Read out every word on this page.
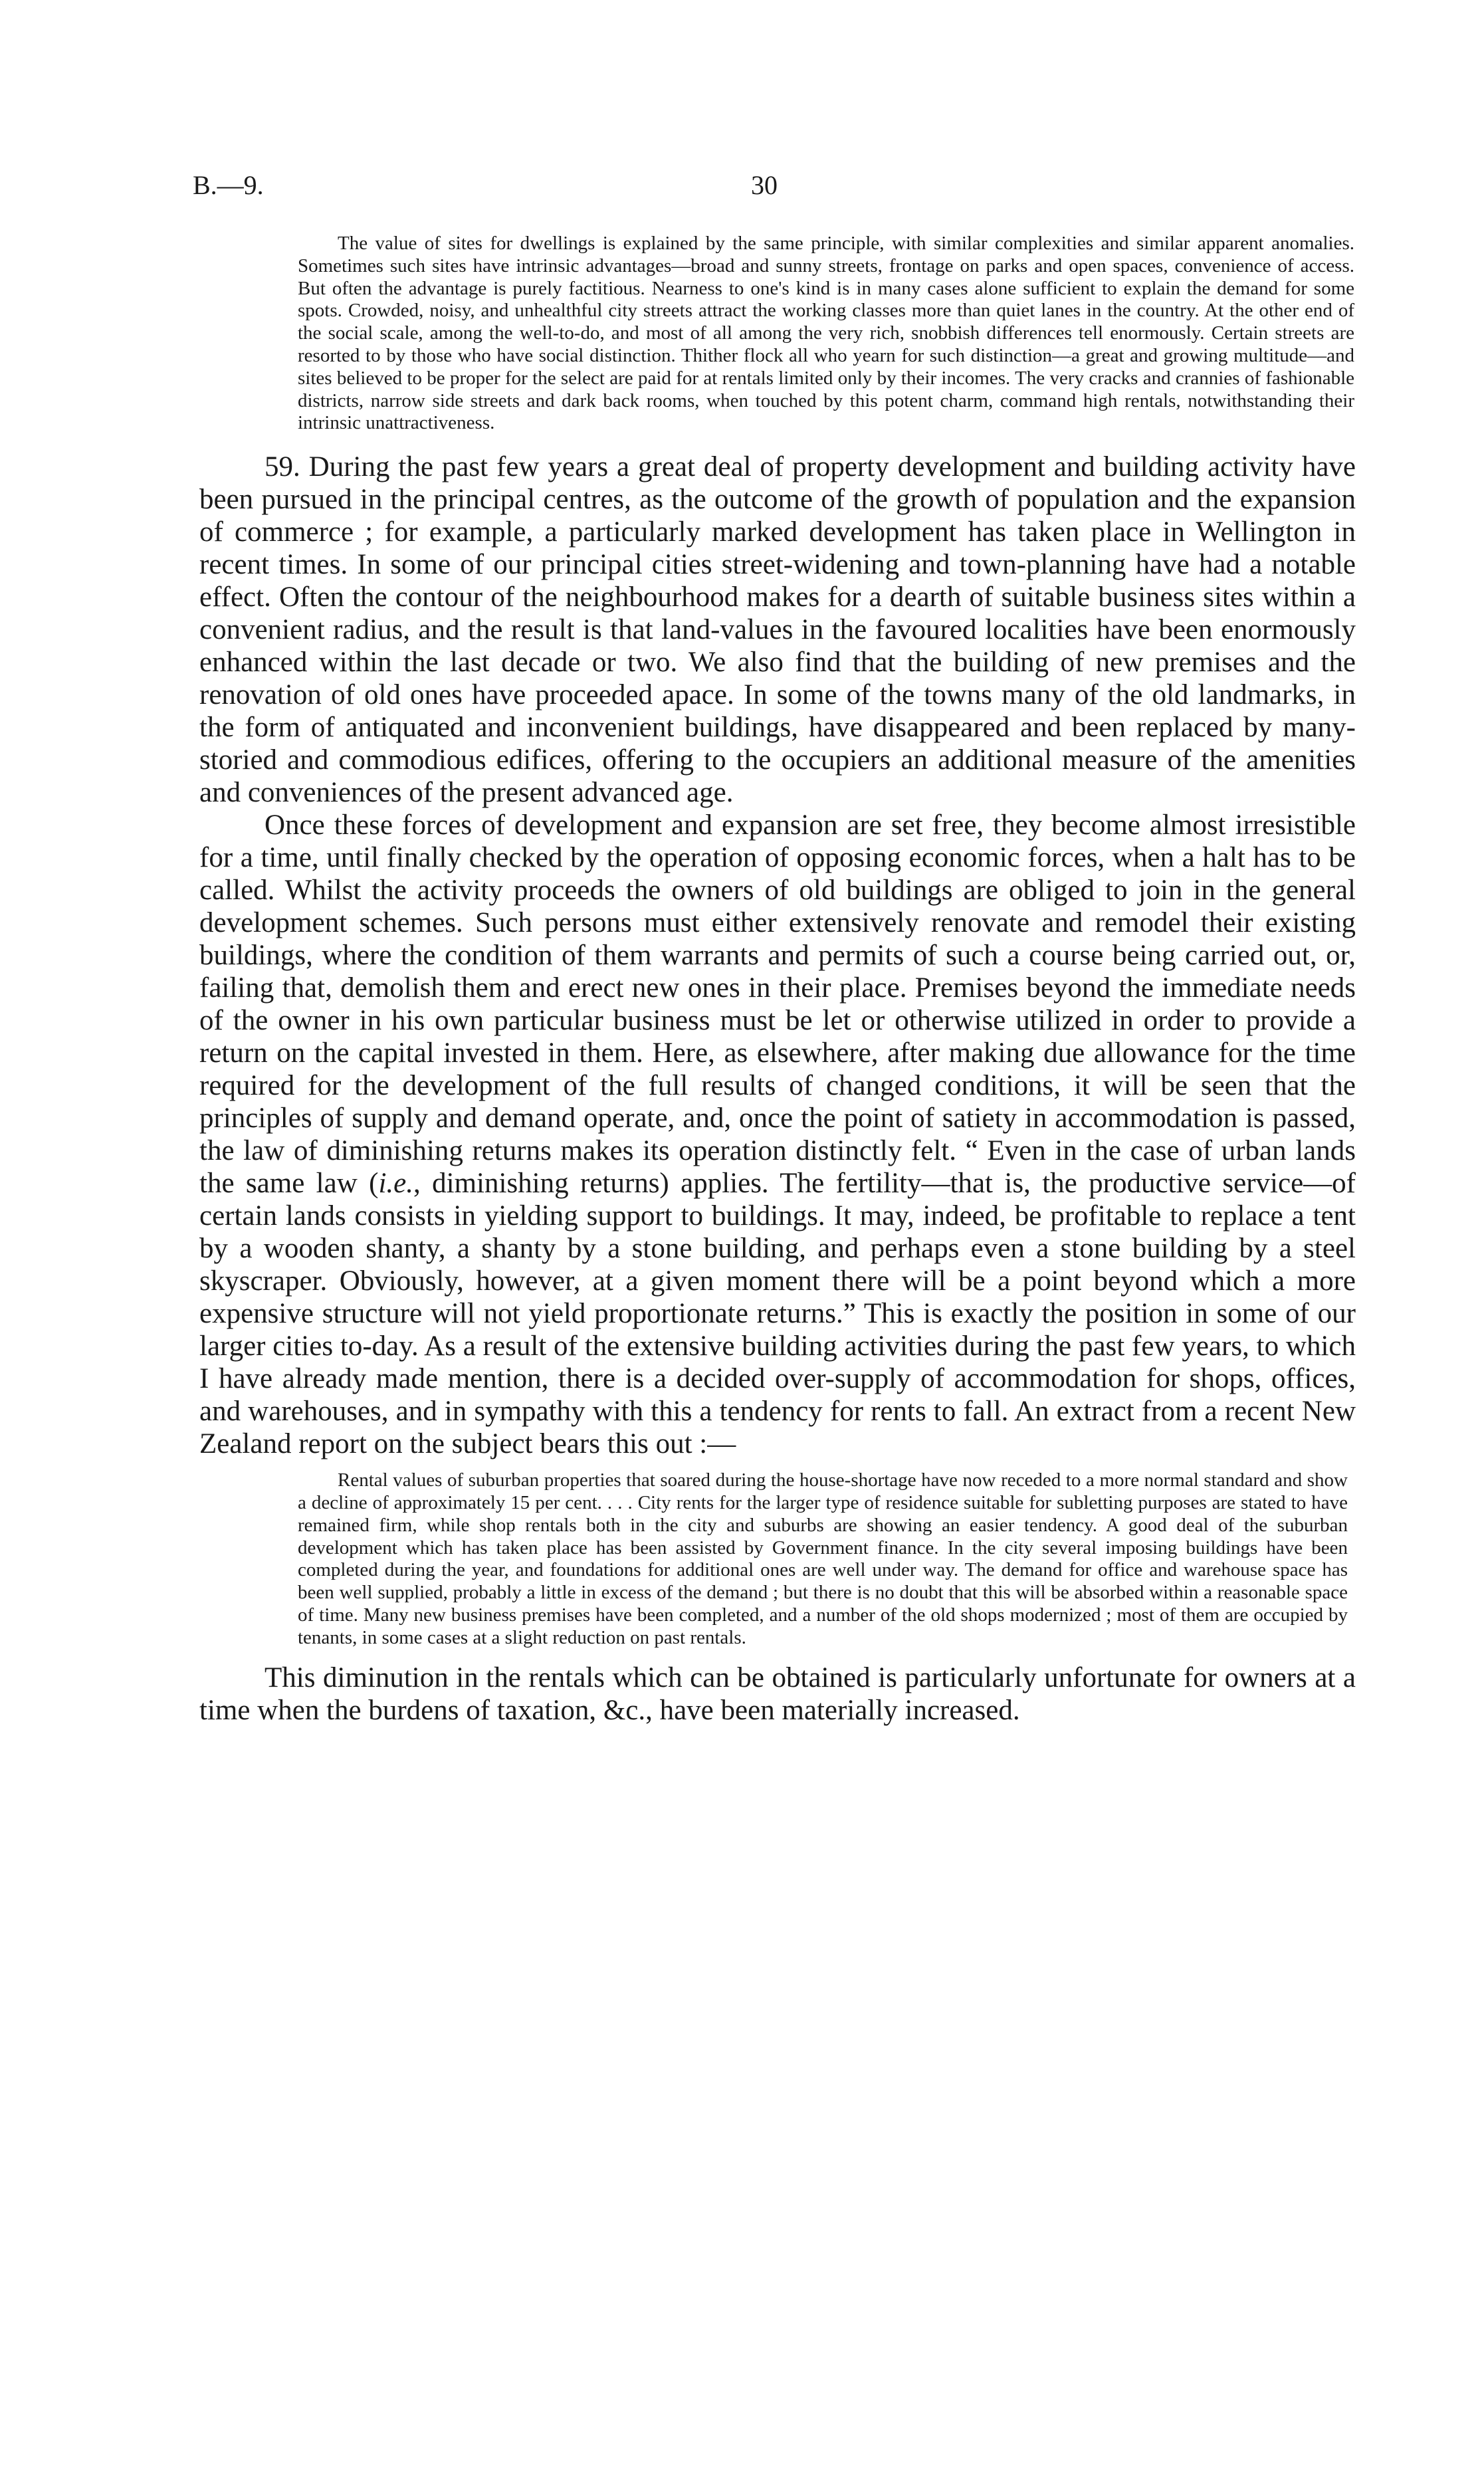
B.—9.	30

The value of sites for dwellings is explained by the same principle, with similar complexities and similar apparent anomalies. Sometimes such sites have intrinsic advantages—broad and sunny streets, frontage on parks and open spaces, convenience of access. But often the advantage is purely factitious. Nearness to one's kind is in many cases alone sufficient to explain the demand for some spots. Crowded, noisy, and unhealthful city streets attract the working classes more than quiet lanes in the country. At the other end of the social scale, among the well-to-do, and most of all among the very rich, snobbish differences tell enormously. Certain streets are resorted to by those who have social distinction. Thither flock all who yearn for such distinction—a great and growing multitude—and sites believed to be proper for the select are paid for at rentals limited only by their incomes. The very cracks and crannies of fashionable districts, narrow side streets and dark back rooms, when touched by this potent charm, command high rentals, notwithstanding their intrinsic unattractiveness.

59. During the past few years a great deal of property development and building activity have been pursued in the principal centres, as the outcome of the growth of population and the expansion of commerce ; for example, a particularly marked development has taken place in Wellington in recent times. In some of our principal cities street-widening and town-planning have had a notable effect. Often the contour of the neighbourhood makes for a dearth of suitable business sites within a convenient radius, and the result is that land-values in the favoured localities have been enormously enhanced within the last decade or two. We also find that the building of new premises and the renovation of old ones have proceeded apace. In some of the towns many of the old landmarks, in the form of antiquated and inconvenient buildings, have disappeared and been replaced by many-storied and commodious edifices, offering to the occupiers an additional measure of the amenities and conveniences of the present advanced age.

Once these forces of development and expansion are set free, they become almost irresistible for a time, until finally checked by the operation of opposing economic forces, when a halt has to be called. Whilst the activity proceeds the owners of old buildings are obliged to join in the general development schemes. Such persons must either extensively renovate and remodel their existing buildings, where the condition of them warrants and permits of such a course being carried out, or, failing that, demolish them and erect new ones in their place. Premises beyond the immediate needs of the owner in his own particular business must be let or otherwise utilized in order to provide a return on the capital invested in them. Here, as elsewhere, after making due allowance for the time required for the development of the full results of changed conditions, it will be seen that the principles of supply and demand operate, and, once the point of satiety in accommodation is passed, the law of diminishing returns makes its operation distinctly felt. “ Even in the case of urban lands the same law (i.e., diminishing returns) applies. The fertility—that is, the productive service—of certain lands consists in yielding support to buildings. It may, indeed, be profitable to replace a tent by a wooden shanty, a shanty by a stone building, and perhaps even a stone building by a steel skyscraper. Obviously, however, at a given moment there will be a point beyond which a more expensive structure will not yield proportionate returns.” This is exactly the position in some of our larger cities to-day. As a result of the extensive building activities during the past few years, to which I have already made mention, there is a decided over-supply of accommodation for shops, offices, and warehouses, and in sympathy with this a tendency for rents to fall. An extract from a recent New Zealand report on the subject bears this out :—

Rental values of suburban properties that soared during the house-shortage have now receded to a more normal standard and show a decline of approximately 15 per cent. . . . City rents for the larger type of residence suitable for subletting purposes are stated to have remained firm, while shop rentals both in the city and suburbs are showing an easier tendency. A good deal of the suburban development which has taken place has been assisted by Government finance. In the city several imposing buildings have been completed during the year, and foundations for additional ones are well under way. The demand for office and warehouse space has been well supplied, probably a little in excess of the demand ; but there is no doubt that this will be absorbed within a reasonable space of time. Many new business premises have been completed, and a number of the old shops modernized ; most of them are occupied by tenants, in some cases at a slight reduction on past rentals.

This diminution in the rentals which can be obtained is particularly unfortunate for owners at a time when the burdens of taxation, &c., have been materially increased.
